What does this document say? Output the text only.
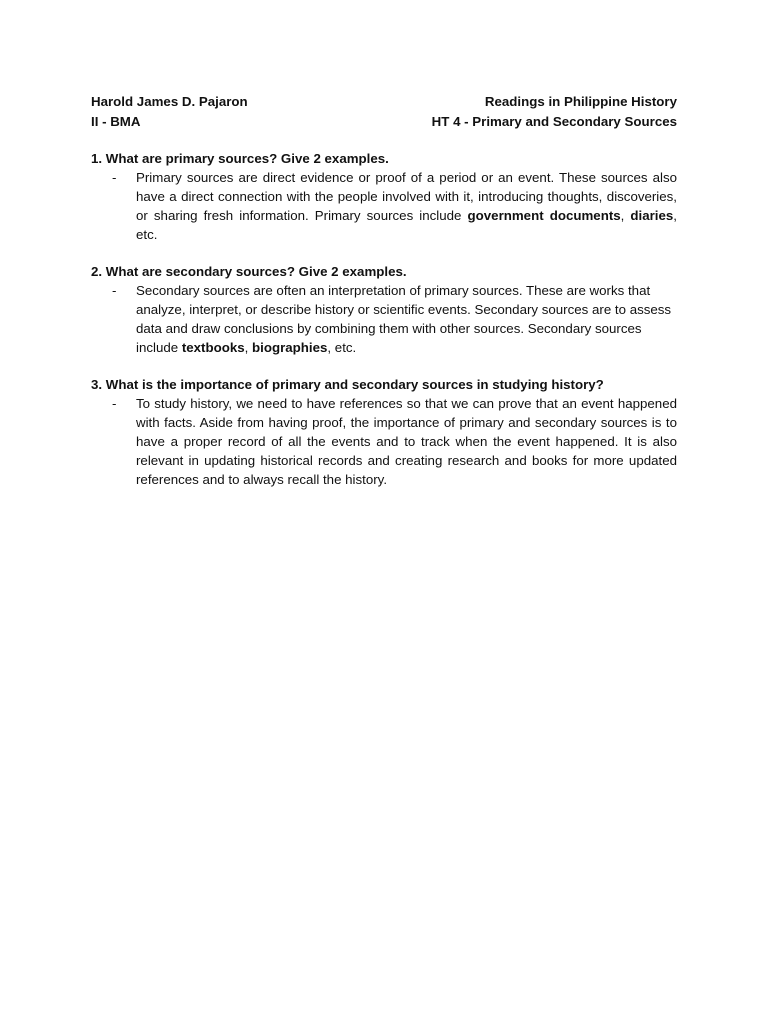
Harold James D. Pajaron	Readings in Philippine History
II - BMA	HT 4 - Primary and Secondary Sources
1. What are primary sources? Give 2 examples.
-	Primary sources are direct evidence or proof of a period or an event. These sources also have a direct connection with the people involved with it, introducing thoughts, discoveries, or sharing fresh information. Primary sources include government documents, diaries, etc.
2. What are secondary sources? Give 2 examples.
-	Secondary sources are often an interpretation of primary sources. These are works that analyze, interpret, or describe history or scientific events. Secondary sources are to assess data and draw conclusions by combining them with other sources. Secondary sources include textbooks, biographies, etc.
3. What is the importance of primary and secondary sources in studying history?
-	To study history, we need to have references so that we can prove that an event happened with facts. Aside from having proof, the importance of primary and secondary sources is to have a proper record of all the events and to track when the event happened. It is also relevant in updating historical records and creating research and books for more updated references and to always recall the history.
